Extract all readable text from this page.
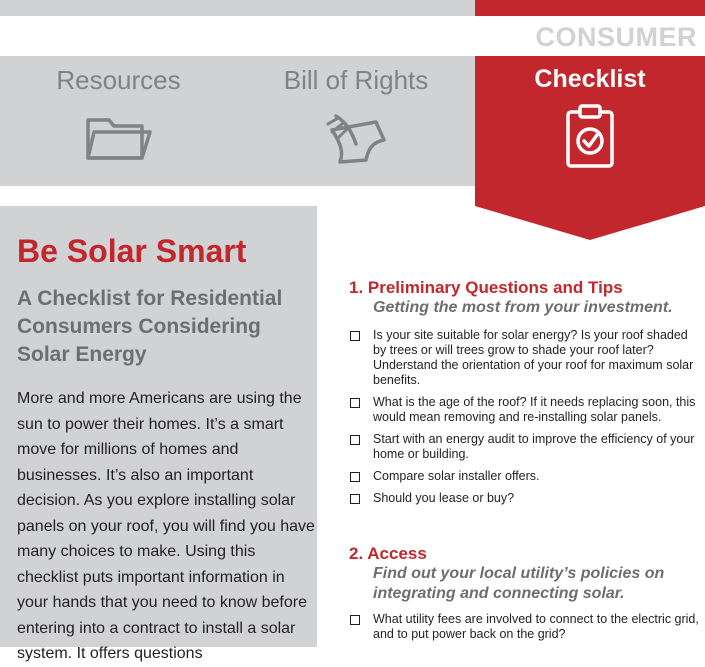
CONSUMER
Resources	Bill of Rights	Checklist
Be Solar Smart
A Checklist for Residential Consumers Considering Solar Energy

More and more Americans are using the sun to power their homes. It’s a smart move for millions of homes and businesses. It’s also an important decision. As you explore installing solar panels on your roof, you will find you have many choices to make. Using this checklist puts important information in your hands that you need to know before entering into a contract to install a solar system. It offers questions

1. Preliminary Questions and Tips

Getting the most from your investment.

Is your site suitable for solar energy? Is your roof shaded by trees or will trees grow to shade your roof later? Understand the orientation of your roof for maximum solar benefits.
What is the age of the roof? If it needs replacing soon, this would mean removing and re-installing solar panels.
Start with an energy audit to improve the efficiency of your home or building.
Compare solar installer offers.
Should you lease or buy?
2. Access

Find out your local utility’s policies on integrating and connecting solar.

What utility fees are involved to connect to the electric grid, and to put power back on the grid?
